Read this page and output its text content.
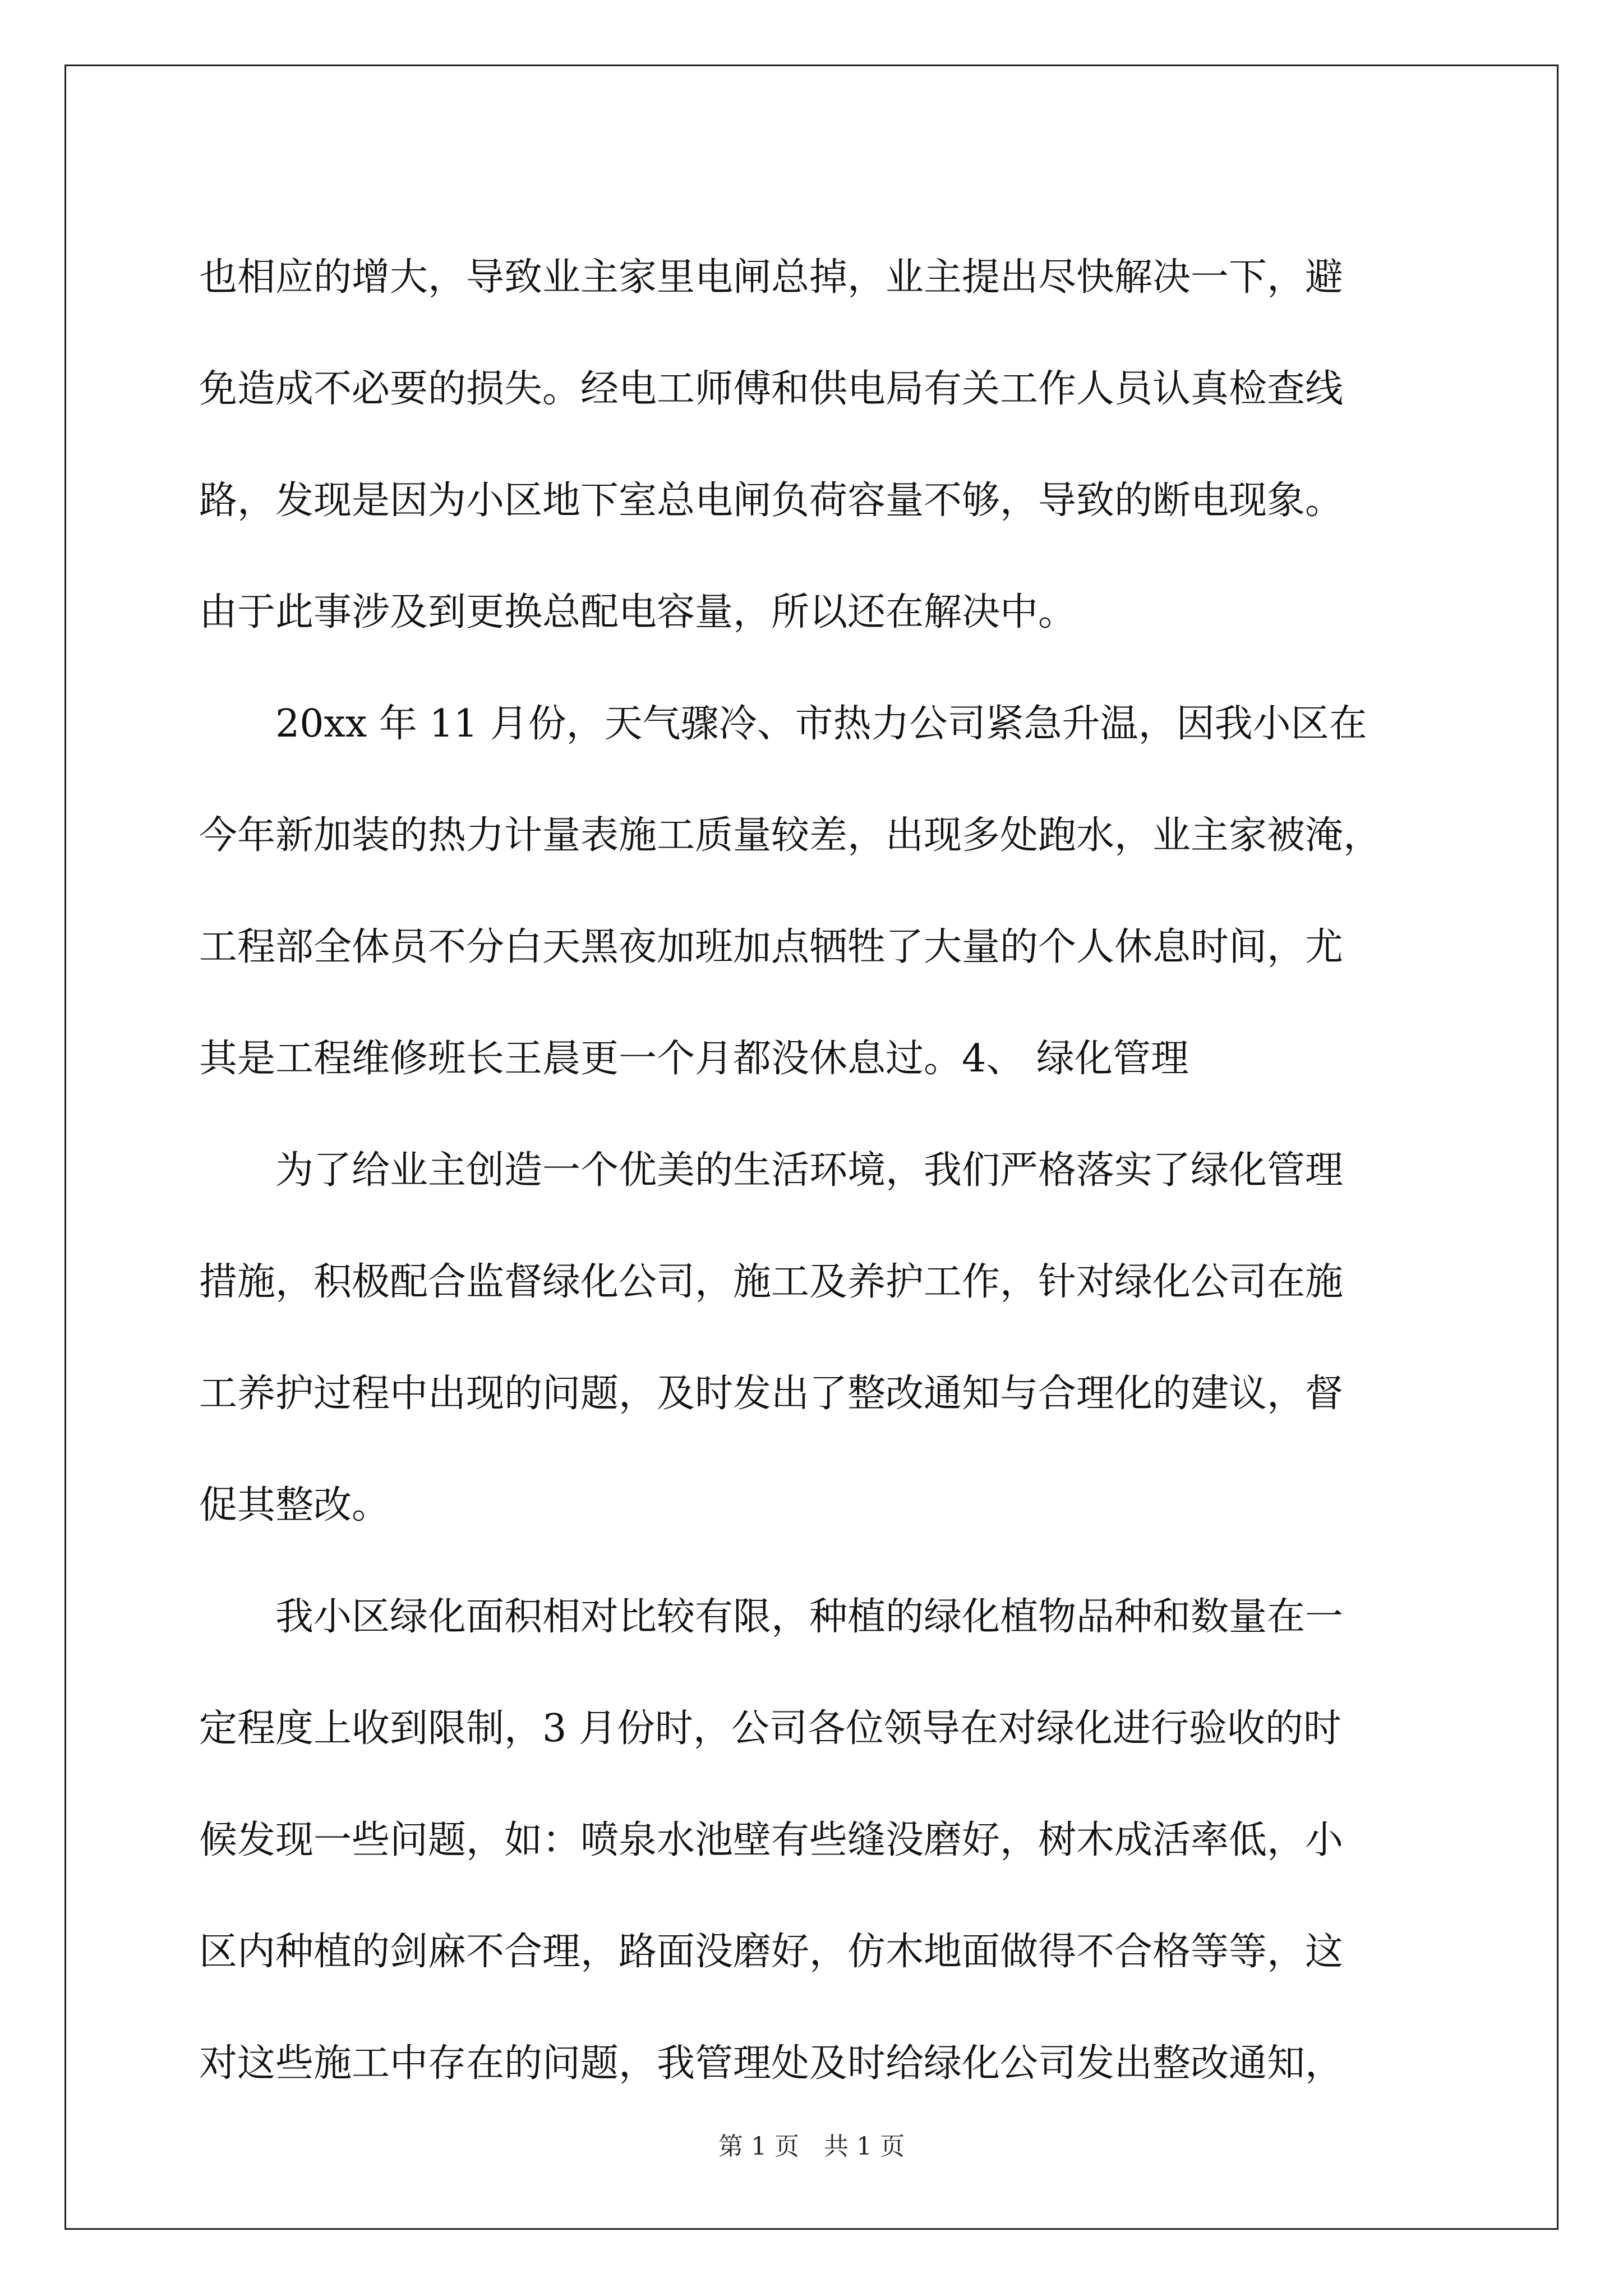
也相应的增大，导致业主家里电闸总掉，业主提出尽快解决一下，避
免造成不必要的损失。经电工师傅和供电局有关工作人员认真检查线
路，发现是因为小区地下室总电闸负荷容量不够，导致的断电现象。
由于此事涉及到更换总配电容量，所以还在解决中。
　　20xx 年 11 月份，天气骤冷、市热力公司紧急升温，因我小区在
今年新加装的热力计量表施工质量较差，出现多处跑水，业主家被淹，
工程部全体员不分白天黑夜加班加点牺牲了大量的个人休息时间，尤
其是工程维修班长王晨更一个月都没休息过。4、 绿化管理
　　为了给业主创造一个优美的生活环境，我们严格落实了绿化管理
措施，积极配合监督绿化公司，施工及养护工作，针对绿化公司在施
工养护过程中出现的问题，及时发出了整改通知与合理化的建议，督
促其整改。
　　我小区绿化面积相对比较有限，种植的绿化植物品种和数量在一
定程度上收到限制，3 月份时，公司各位领导在对绿化进行验收的时
候发现一些问题，如：喷泉水池壁有些缝没磨好，树木成活率低，小
区内种植的剑麻不合理，路面没磨好，仿木地面做得不合格等等，这
对这些施工中存在的问题，我管理处及时给绿化公司发出整改通知，
第 1 页　共 1 页
